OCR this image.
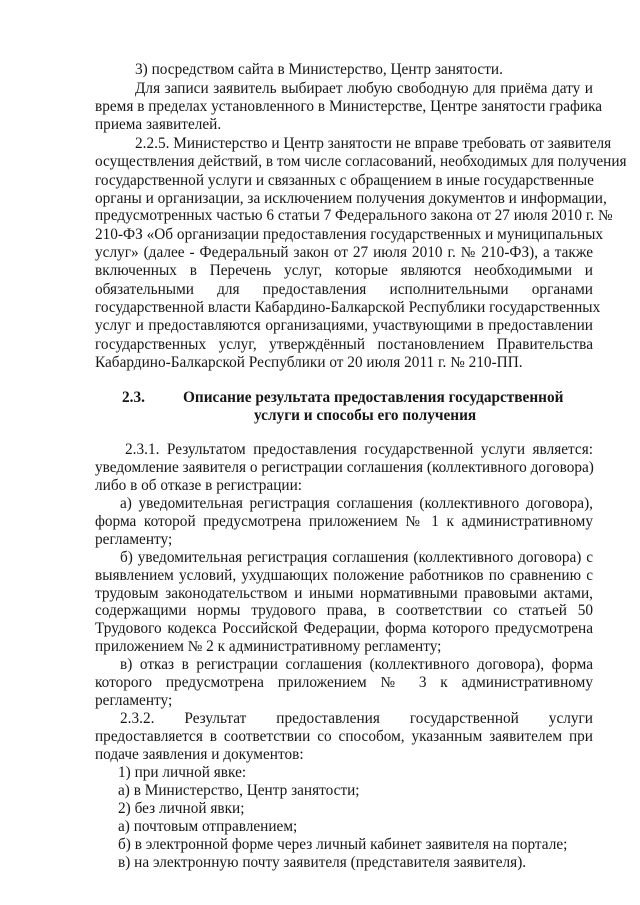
3) посредством сайта в Министерство, Центр занятости.
Для записи заявитель выбирает любую свободную для приёма дату и
время в пределах установленного в Министерстве, Центре занятости графика
приема заявителей.
2.2.5. Министерство и Центр занятости не вправе требовать от заявителя
осуществления действий, в том числе согласований, необходимых для получения
государственной услуги и связанных с обращением в иные государственные
органы и организации, за исключением получения документов и информации,
предусмотренных частью 6 статьи 7 Федерального закона от 27 июля 2010 г. №
210-ФЗ «Об организации предоставления государственных и муниципальных
услуг» (далее - Федеральный закон от 27 июля 2010 г. № 210-ФЗ), а также
включенных в Перечень услуг, которые являются необходимыми и
обязательными для предоставления исполнительными органами
государственной власти Кабардино-Балкарской Республики государственных
услуг и предоставляются организациями, участвующими в предоставлении
государственных услуг, утверждённый постановлением Правительства
Кабардино-Балкарской Республики от 20 июля 2011 г. № 210-ПП.
2.3. Описание результата предоставления государственной
услуги и способы его получения
2.3.1. Результатом предоставления государственной услуги является:
уведомление заявителя о регистрации соглашения (коллективного договора)
либо в об отказе в регистрации:
а) уведомительная регистрация соглашения (коллективного договора),
форма которой предусмотрена приложением № 1 к административному
регламенту;
б) уведомительная регистрация соглашения (коллективного договора) с
выявлением условий, ухудшающих положение работников по сравнению с
трудовым законодательством и иными нормативными правовыми актами,
содержащими нормы трудового права, в соответствии со статьей 50
Трудового кодекса Российской Федерации, форма которого предусмотрена
приложением № 2 к административному регламенту;
в) отказ в регистрации соглашения (коллективного договора), форма
которого предусмотрена приложением № 3 к административному
регламенту;
2.3.2. Результат предоставления государственной услуги
предоставляется в соответствии со способом, указанным заявителем при
подаче заявления и документов:
1) при личной явке:
а) в Министерство, Центр занятости;
2) без личной явки;
а) почтовым отправлением;
б) в электронной форме через личный кабинет заявителя на портале;
в) на электронную почту заявителя (представителя заявителя).
